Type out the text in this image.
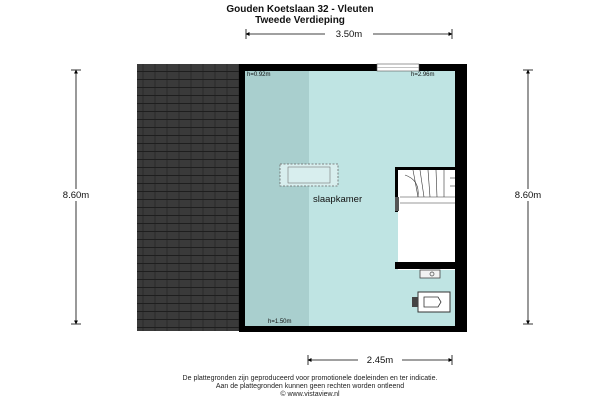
Gouden Koetslaan 32 - Vleuten
Tweede Verdieping
h=0.92m	h=2.96m
h=1.50m
slaapkamer
3.50m
2.45m
8.60m	8.60m
De plattegronden zijn geproduceerd voor promotionele doeleinden en ter indicatie.
Aan de plattegronden kunnen geen rechten worden ontleend
© www.vistaview.nl
